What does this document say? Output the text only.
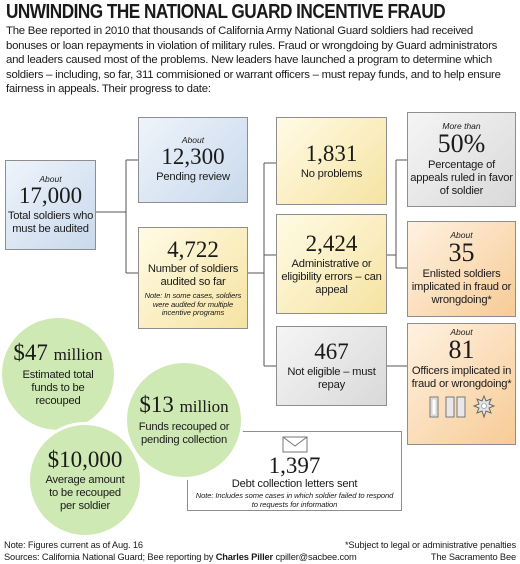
UNWINDING THE NATIONAL GUARD INCENTIVE FRAUD
The Bee reported in 2010 that thousands of California Army National Guard soldiers had received bonuses or loan repayments in violation of military rules. Fraud or wrongdoing by Guard administrators and leaders caused most of the problems. New leaders have launched a program to determine which soldiers – including, so far, 311 commisioned or warrant officers – must repay funds, and to help ensure fairness in appeals. Their progress to date:
About
17,000
Total soldiers who must be audited
About
12,300
Pending review
4,722
Number of soldiers audited so far
Note: In some cases, soldiers were audited for multiple incentive programs
1,831
No problems
2,424
Administrative or eligibility errors – can appeal
467
Not eligible – must repay
More than
50%
Percentage of appeals ruled in favor of soldier
About
35
Enlisted soldiers implicated in fraud or wrongdoing*
About
81
Officers implicated in fraud or wrongdoing*
1,397
Debt collection letters sent
Note: Includes some cases in which soldier failed to respond to requests for information
$47 million
Estimated total funds to be recouped	$13 million
Funds recouped or pending collection
$10,000
Average amount to be recouped per soldier
Note: Figures current as of Aug. 16	*Subject to legal or administrative penalties
Sources: California National Guard; Bee reporting by Charles Piller cpiller@sacbee.com	The Sacramento Bee
